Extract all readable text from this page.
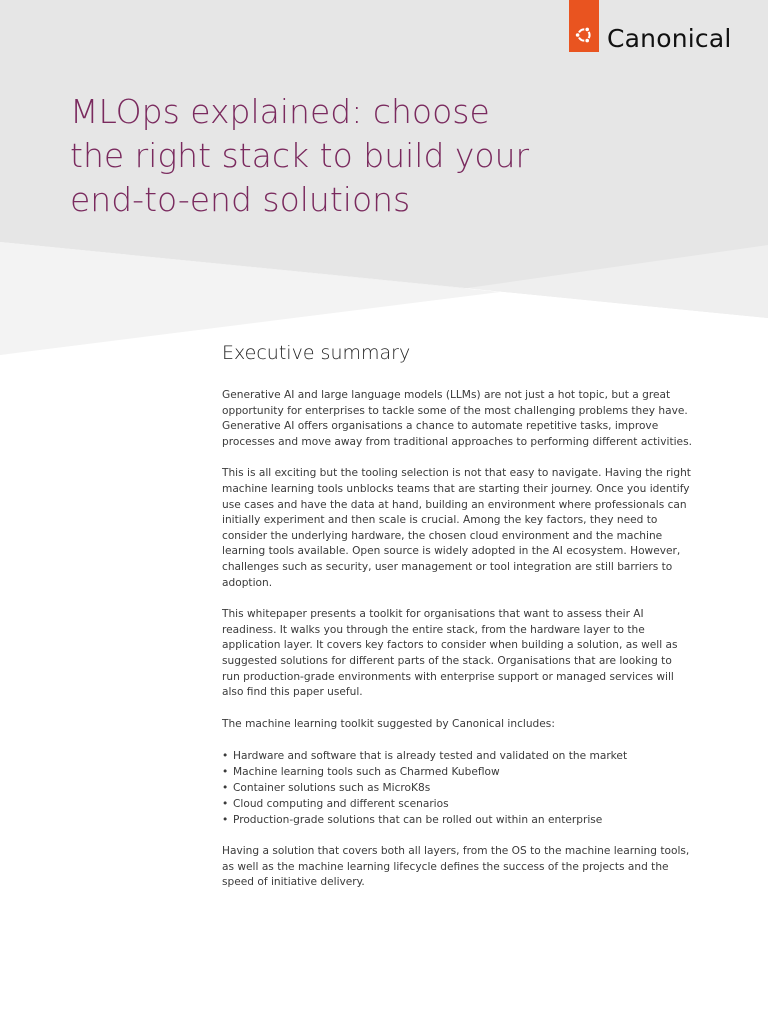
Canonical
MLOps explained: choose
the right stack to build your
end-to-end solutions
Executive summary

Generative AI and large language models (LLMs) are not just a hot topic, but a great opportunity for enterprises to tackle some of the most challenging problems they have. Generative AI offers organisations a chance to automate repetitive tasks, improve processes and move away from traditional approaches to performing different activities.

This is all exciting but the tooling selection is not that easy to navigate. Having the right machine learning tools unblocks teams that are starting their journey. Once you identify use cases and have the data at hand, building an environment where professionals can initially experiment and then scale is crucial. Among the key factors, they need to consider the underlying hardware, the chosen cloud environment and the machine learning tools available. Open source is widely adopted in the AI ecosystem. However, challenges such as security, user management or tool integration are still barriers to adoption.

This whitepaper presents a toolkit for organisations that want to assess their AI readiness. It walks you through the entire stack, from the hardware layer to the application layer. It covers key factors to consider when building a solution, as well as suggested solutions for different parts of the stack. Organisations that are looking to run production-grade environments with enterprise support or managed services will also find this paper useful.

The machine learning toolkit suggested by Canonical includes:

• Hardware and software that is already tested and validated on the market
• Machine learning tools such as Charmed Kubeflow
• Container solutions such as MicroK8s
• Cloud computing and different scenarios
• Production-grade solutions that can be rolled out within an enterprise

Having a solution that covers both all layers, from the OS to the machine learning tools, as well as the machine learning lifecycle defines the success of the projects and the speed of initiative delivery.
